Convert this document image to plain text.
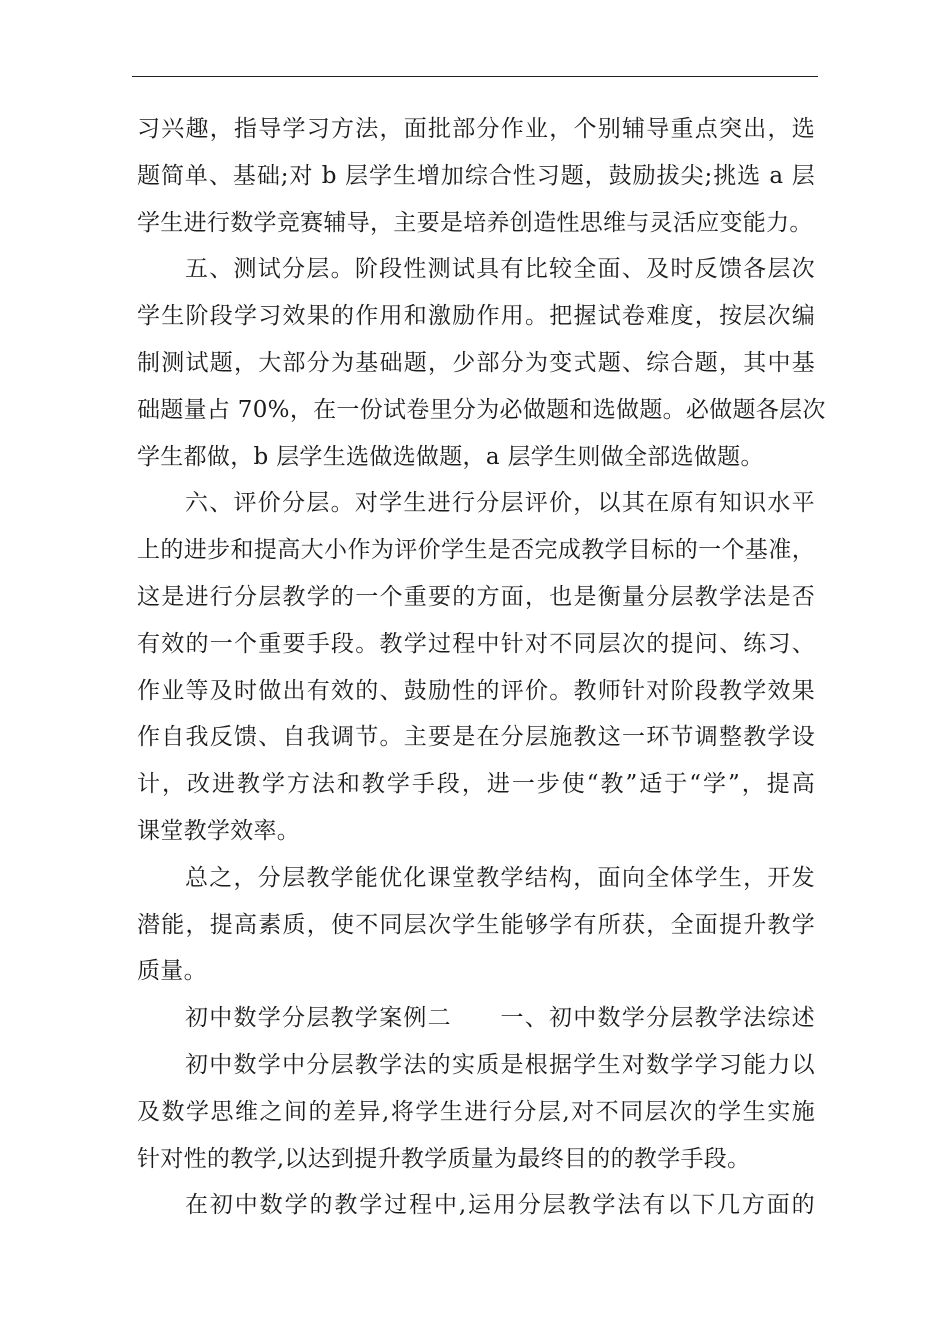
习兴趣，指导学习方法，面批部分作业，个别辅导重点突出，选
题简单、基础;对 b 层学生增加综合性习题，鼓励拔尖;挑选 a 层
学生进行数学竞赛辅导，主要是培养创造性思维与灵活应变能力。
五、测试分层。阶段性测试具有比较全面、及时反馈各层次
学生阶段学习效果的作用和激励作用。把握试卷难度，按层次编
制测试题，大部分为基础题，少部分为变式题、综合题，其中基
础题量占 70%，在一份试卷里分为必做题和选做题。必做题各层次
学生都做，b 层学生选做选做题，a 层学生则做全部选做题。
六、评价分层。对学生进行分层评价，以其在原有知识水平
上的进步和提高大小作为评价学生是否完成教学目标的一个基准，
这是进行分层教学的一个重要的方面，也是衡量分层教学法是否
有效的一个重要手段。教学过程中针对不同层次的提问、练习、
作业等及时做出有效的、鼓励性的评价。教师针对阶段教学效果
作自我反馈、自我调节。主要是在分层施教这一环节调整教学设
计，改进教学方法和教学手段，进一步使“教”适于“学”，提高
课堂教学效率。
总之，分层教学能优化课堂教学结构，面向全体学生，开发
潜能，提高素质，使不同层次学生能够学有所获，全面提升教学
质量。
初中数学分层教学案例二　　一、初中数学分层教学法综述
初中数学中分层教学法的实质是根据学生对数学学习能力以
及数学思维之间的差异,将学生进行分层,对不同层次的学生实施
针对性的教学,以达到提升教学质量为最终目的的教学手段。
在初中数学的教学过程中,运用分层教学法有以下几方面的
